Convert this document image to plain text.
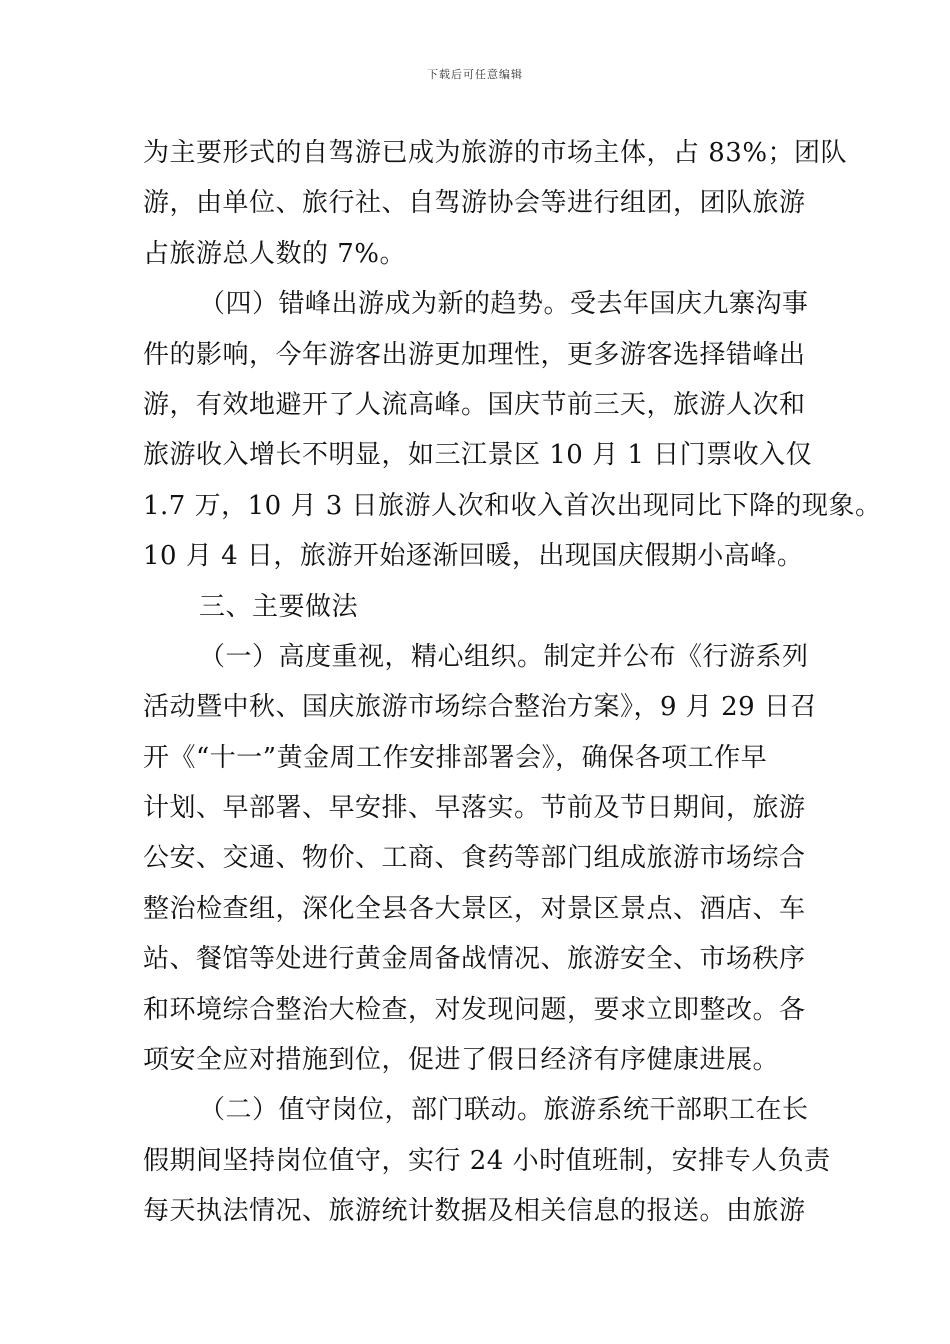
下载后可任意编辑
为主要形式的自驾游已成为旅游的市场主体，占 83%；团队
游，由单位、旅行社、自驾游协会等进行组团，团队旅游
占旅游总人数的 7%。
（四）错峰出游成为新的趋势。受去年国庆九寨沟事
件的影响，今年游客出游更加理性，更多游客选择错峰出
游，有效地避开了人流高峰。国庆节前三天，旅游人次和
旅游收入增长不明显，如三江景区 10 月 1 日门票收入仅
1.7 万，10 月 3 日旅游人次和收入首次出现同比下降的现象。
10 月 4 日，旅游开始逐渐回暖，出现国庆假期小高峰。
三、主要做法
（一）高度重视，精心组织。制定并公布《行游系列
活动暨中秋、国庆旅游市场综合整治方案》，9 月 29 日召
开《“十一”黄金周工作安排部署会》，确保各项工作早
计划、早部署、早安排、早落实。节前及节日期间，旅游
公安、交通、物价、工商、食药等部门组成旅游市场综合
整治检查组，深化全县各大景区，对景区景点、酒店、车
站、餐馆等处进行黄金周备战情况、旅游安全、市场秩序
和环境综合整治大检查，对发现问题，要求立即整改。各
项安全应对措施到位，促进了假日经济有序健康进展。
（二）值守岗位，部门联动。旅游系统干部职工在长
假期间坚持岗位值守，实行 24 小时值班制，安排专人负责
每天执法情况、旅游统计数据及相关信息的报送。由旅游
